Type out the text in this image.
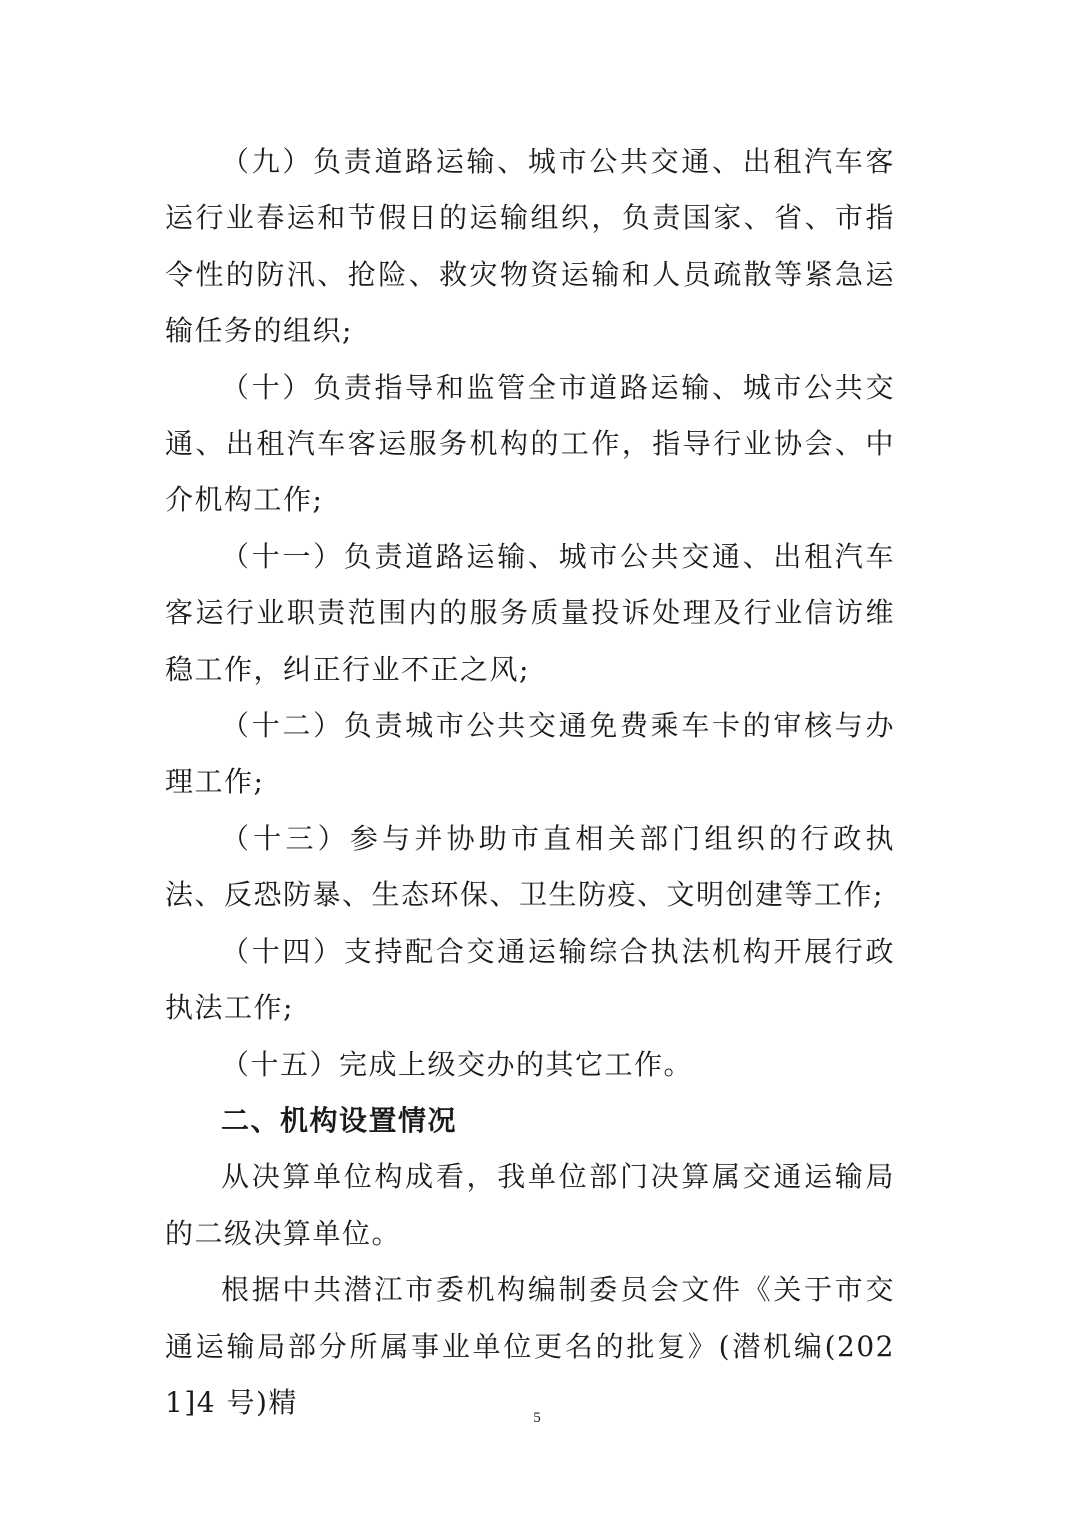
（九）负责道路运输、城市公共交通、出租汽车客运行业春运和节假日的运输组织，负责国家、省、市指令性的防汛、抢险、救灾物资运输和人员疏散等紧急运输任务的组织;

（十）负责指导和监管全市道路运输、城市公共交通、出租汽车客运服务机构的工作，指导行业协会、中介机构工作;

（十一）负责道路运输、城市公共交通、出租汽车客运行业职责范围内的服务质量投诉处理及行业信访维稳工作，纠正行业不正之风;

（十二）负责城市公共交通免费乘车卡的审核与办理工作;

（十三）参与并协助市直相关部门组织的行政执法、反恐防暴、生态环保、卫生防疫、文明创建等工作;

（十四）支持配合交通运输综合执法机构开展行政执法工作;

（十五）完成上级交办的其它工作。

二、机构设置情况

从决算单位构成看，我单位部门决算属交通运输局的二级决算单位。

根据中共潜江市委机构编制委员会文件《关于市交通运输局部分所属事业单位更名的批复》(潜机编(2021]4 号)精	5
